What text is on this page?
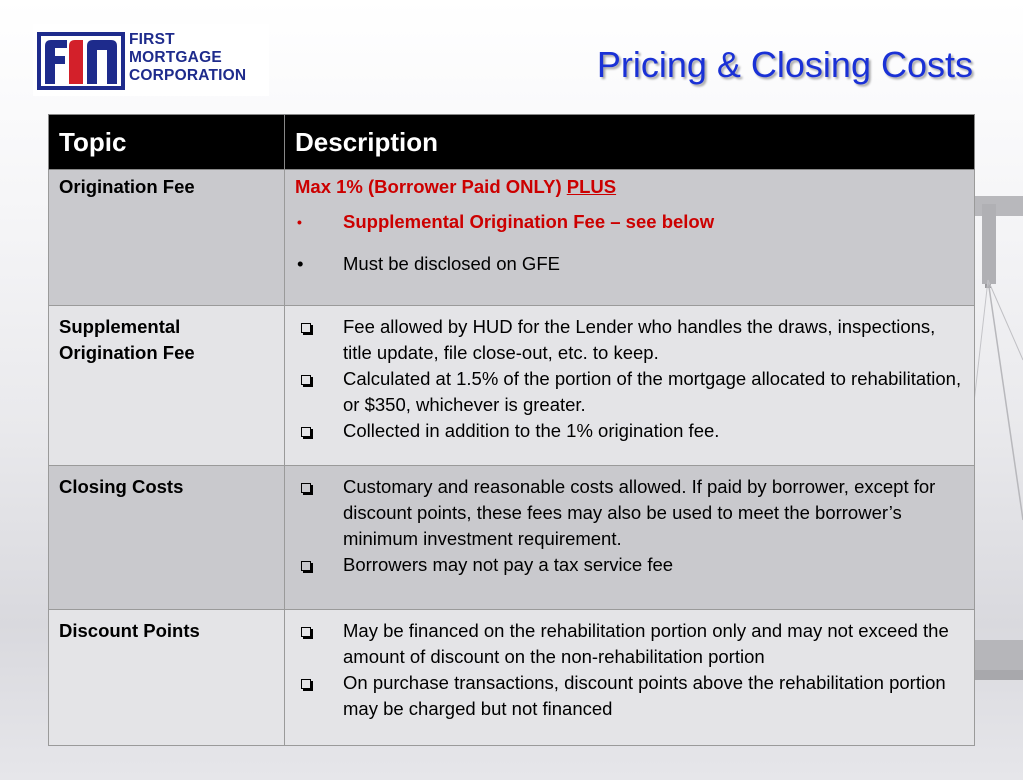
FIRST
MORTGAGE
CORPORATION	Pricing & Closing Costs
Topic	Description
Origination Fee	Max 1% (Borrower Paid ONLY) PLUS
• Supplemental Origination Fee – see below
• Must be disclosed on GFE

Supplemental Origination Fee	Fee allowed by HUD for the Lender who handles the draws, inspections, title update, file close-out, etc. to keep.
Calculated at 1.5% of the portion of the mortgage allocated to rehabilitation, or $350, whichever is greater.
Collected in addition to the 1% origination fee.

Closing Costs	Customary and reasonable costs allowed. If paid by borrower, except for discount points, these fees may also be used to meet the borrower’s minimum investment requirement.
Borrowers may not pay a tax service fee

Discount Points	May be financed on the rehabilitation portion only and may not exceed the amount of discount on the non-rehabilitation portion
On purchase transactions, discount points above the rehabilitation portion may be charged but not financed
